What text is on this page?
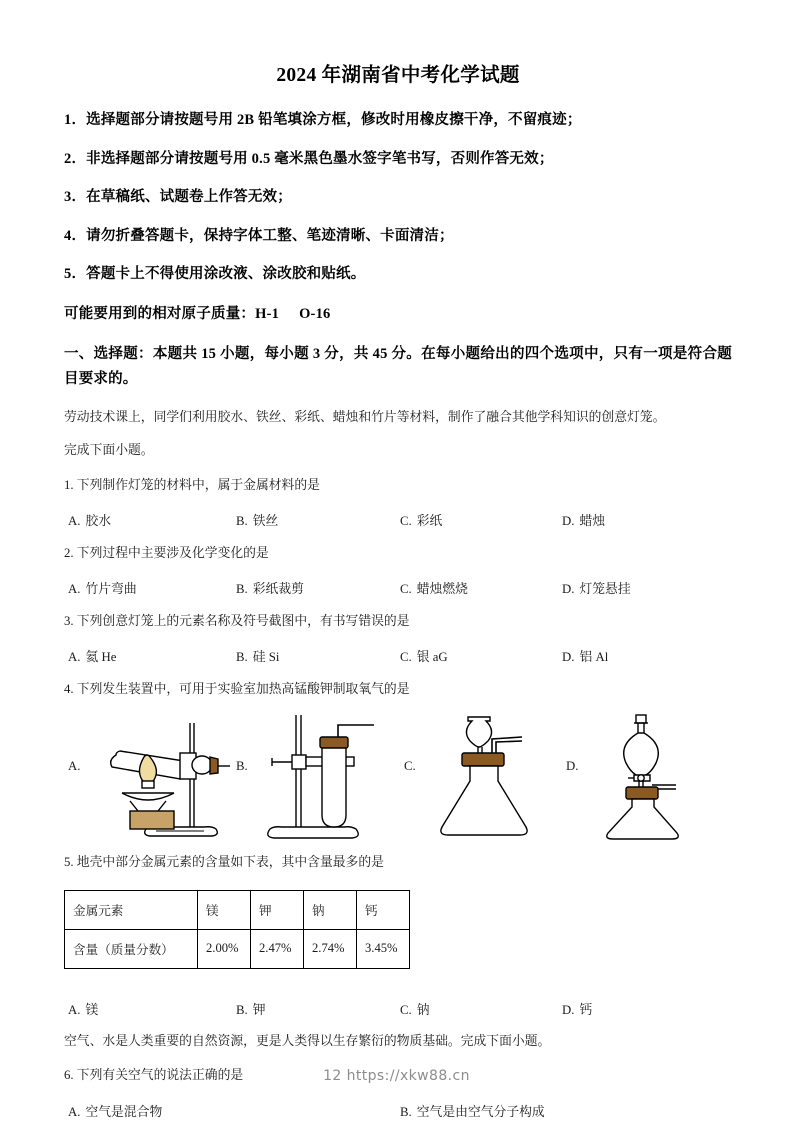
2024 年湖南省中考化学试题
1．选择题部分请按题号用 2B 铅笔填涂方框，修改时用橡皮擦干净，不留痕迹；
2．非选择题部分请按题号用 0.5 毫米黑色墨水签字笔书写，否则作答无效；
3．在草稿纸、试题卷上作答无效；
4．请勿折叠答题卡，保持字体工整、笔迹清晰、卡面清洁；
5．答题卡上不得使用涂改液、涂改胶和贴纸。
可能要用到的相对原子质量：H-1 O-16
一、选择题：本题共 15 小题，每小题 3 分，共 45 分。在每小题给出的四个选项中，只有一项是符合题目要求的。
劳动技术课上，同学们利用胶水、铁丝、彩纸、蜡烛和竹片等材料，制作了融合其他学科知识的创意灯笼。
完成下面小题。
1. 下列制作灯笼的材料中，属于金属材料的是
A. 胶水	B. 铁丝	C. 彩纸	D. 蜡烛
2. 下列过程中主要涉及化学变化的是
A. 竹片弯曲	B. 彩纸裁剪	C. 蜡烛燃烧	D. 灯笼悬挂
3. 下列创意灯笼上的元素名称及符号截图中，有书写错误的是
A. 氦 He	B. 硅 Si	C. 银 aG	D. 铝 Al
4. 下列发生装置中，可用于实验室加热高锰酸钾制取氧气的是
A.	B.	C.	D.
5. 地壳中部分金属元素的含量如下表，其中含量最多的是
金属元素	镁	钾	钠	钙
含量（质量分数）	2.00%	2.47%	2.74%	3.45%
A. 镁	B. 钾	C. 钠	D. 钙
空气、水是人类重要的自然资源，更是人类得以生存繁衍的物质基础。完成下面小题。
6. 下列有关空气的说法正确的是
A. 空气是混合物	B. 空气是由空气分子构成
12 https://xkw88.cn
